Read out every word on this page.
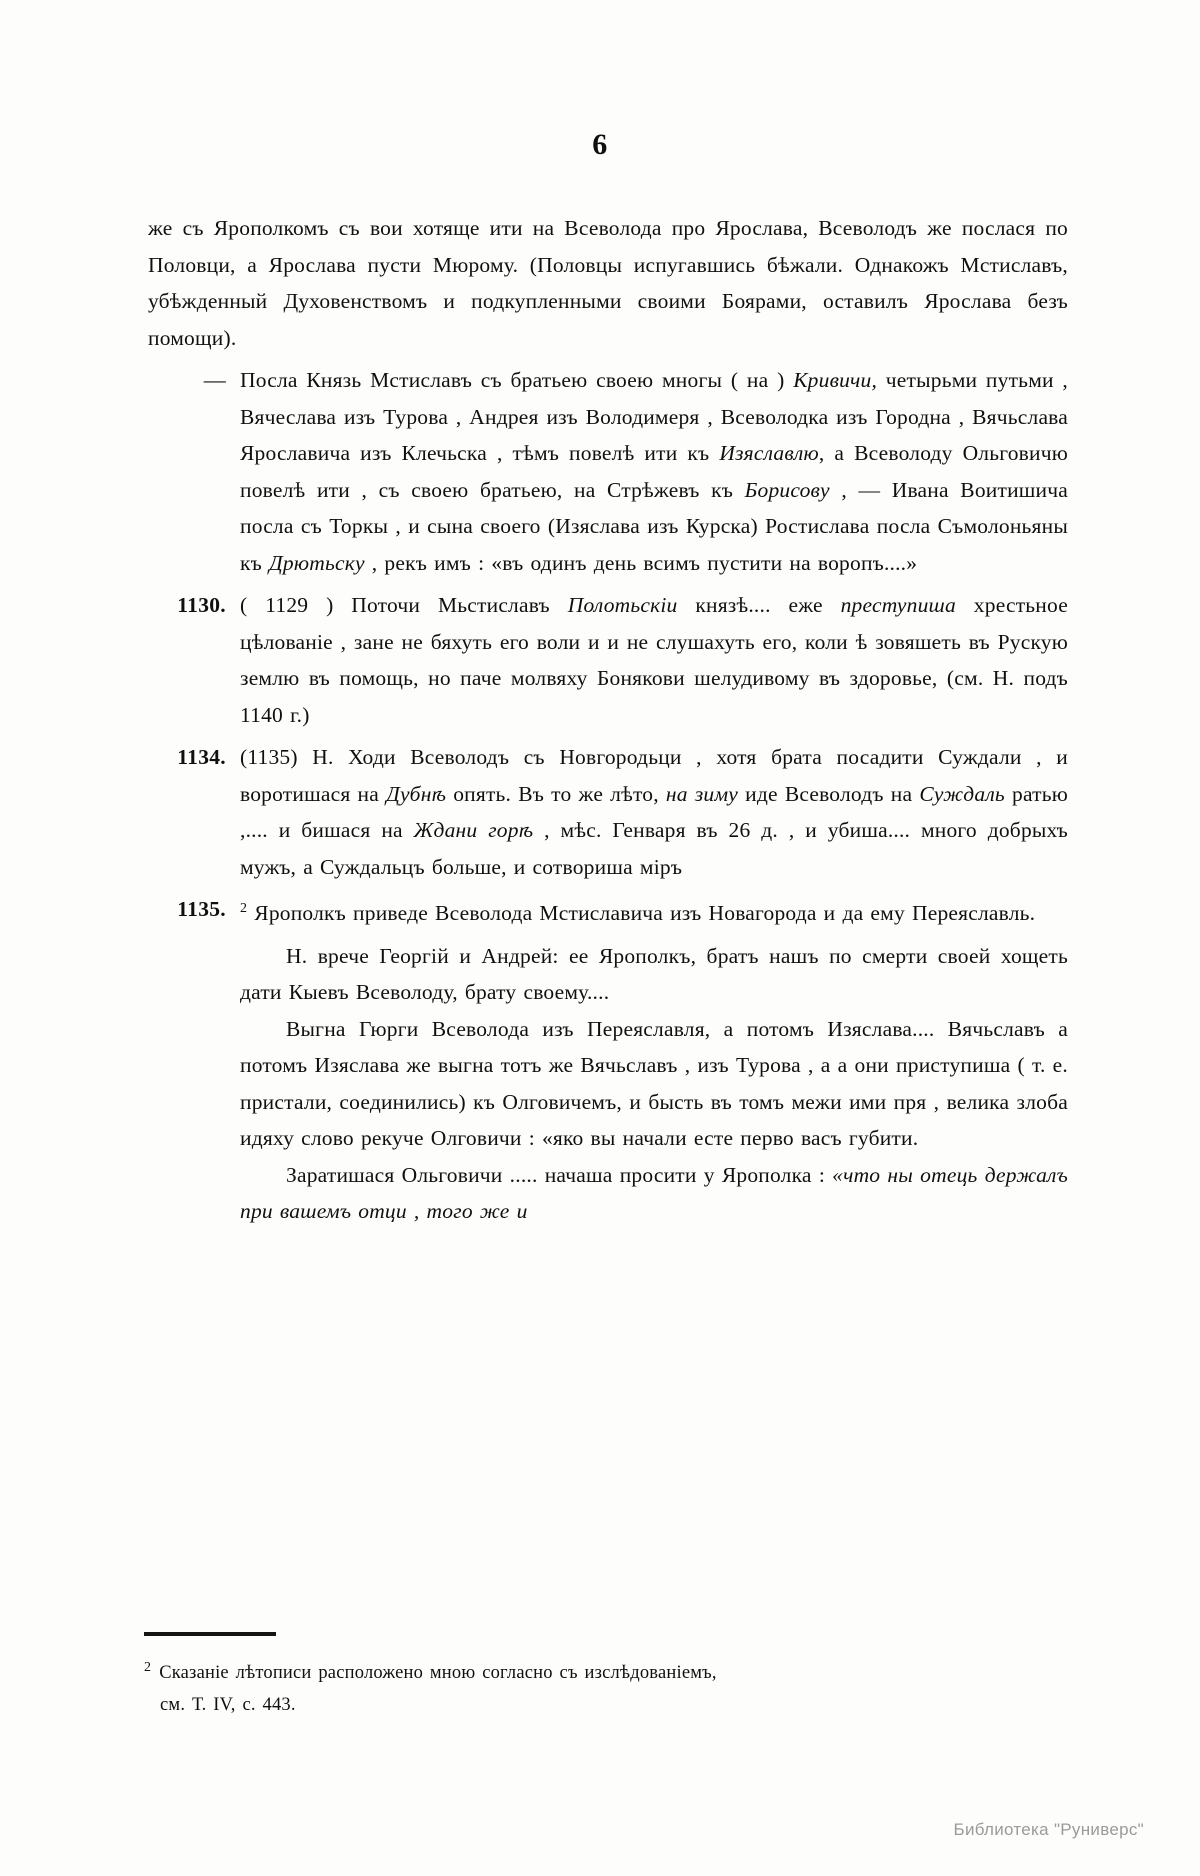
6
же съ Ярополкомъ съ вои хотяще ити на Всеволода про Ярослава, Всеволодъ же послася по Половци, а Ярослава пусти Мюрому. (Половцы испугавшись бѣжали. Однакожъ Мстиславъ, убѣжденный Духовенствомъ и подкупленными своими Боярами, оставилъ Ярослава безъ помощи).
— Посла Князь Мстиславъ съ братьею своею многы ( на ) Кривичи, четырьми путьми , Вячеслава изъ Турова , Андрея изъ Володимеря , Всеволодка изъ Городна , Вячьслава Ярославича изъ Клечьска , тѣмъ повелѣ ити къ Изяславлю, а Всеволоду Ольговичю повелѣ ити , съ своею братьею, на Стрѣжевъ къ Борисову , — Ивана Воитишича посла съ Торкы , и сына своего (Изяслава изъ Курска) Ростислава посла Съмолоньяны къ Дрютьску , рекъ имъ : «въ одинъ день всимъ пустити на воропъ....»
1130. ( 1129 ) Поточи Мьстиславъ Полотьскіи князѣ.... еже преступиша хрестьное цѣлованіе , зане не бяхуть его воли и и не слушахуть его, коли ѣ зовяшеть въ Рускую землю въ помощь, но паче молвяху Бонякови шелудивому въ здоровье, (см. Н. подъ 1140 г.)
1134. (1135) Н. Ходи Всеволодъ съ Новгородьци , хотя брата посадити Суждали , и воротишася на Дубнѣ опять. Въ то же лѣто, на зиму иде Всеволодъ на Суждаль ратью ,.... и бишася на Ждани горѣ , мѣс. Генваря въ 26 д. , и убиша.... много добрыхъ мужъ, а Суждальцъ больше, и сотвориша міръ
1135.	$^2$ Ярополкъ приведе Всеволода Мстиславича изъ Новагорода и да ему Переяславль.
Н. вречe Георгій и Андрей: ее Ярополкъ, братъ нашъ по смерти своей хощеть дати Кыевъ Всеволоду, брату своему....
Выгна Гюрги Всеволода изъ Переяславля, а потомъ Изяслава.... Вячьславъ а потомъ Изяслава же выгна тотъ же Вячьславъ , изъ Турова , а а они приступиша ( т. е. пристали, соединились) къ Олговичемъ, и бысть въ томъ межи ими пря , велика злоба идяху слово рекуче Олговичи : «яко вы начали есте перво васъ губити.
Заратишася Ольговичи ..... начаша просити у Ярополка : «что ны отець держалъ при вашемъ отци , того же и
$^2$ Сказаніе лѣтописи расположено мною согласно съ изслѣдованіемъ,
см. Т. IV, с. 443.
Библиотека "Руниверс"
